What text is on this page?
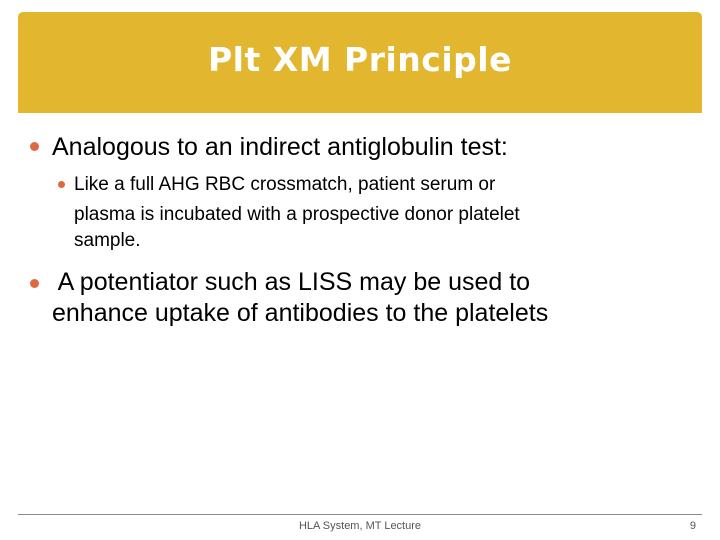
Plt XM Principle
Analogous to an indirect antiglobulin test:
Like a full AHG RBC crossmatch, patient serum or
plasma is incubated with a prospective donor platelet
sample.
A potentiator such as LISS may be used to
enhance uptake of antibodies to the platelets
HLA System, MT Lecture	9
